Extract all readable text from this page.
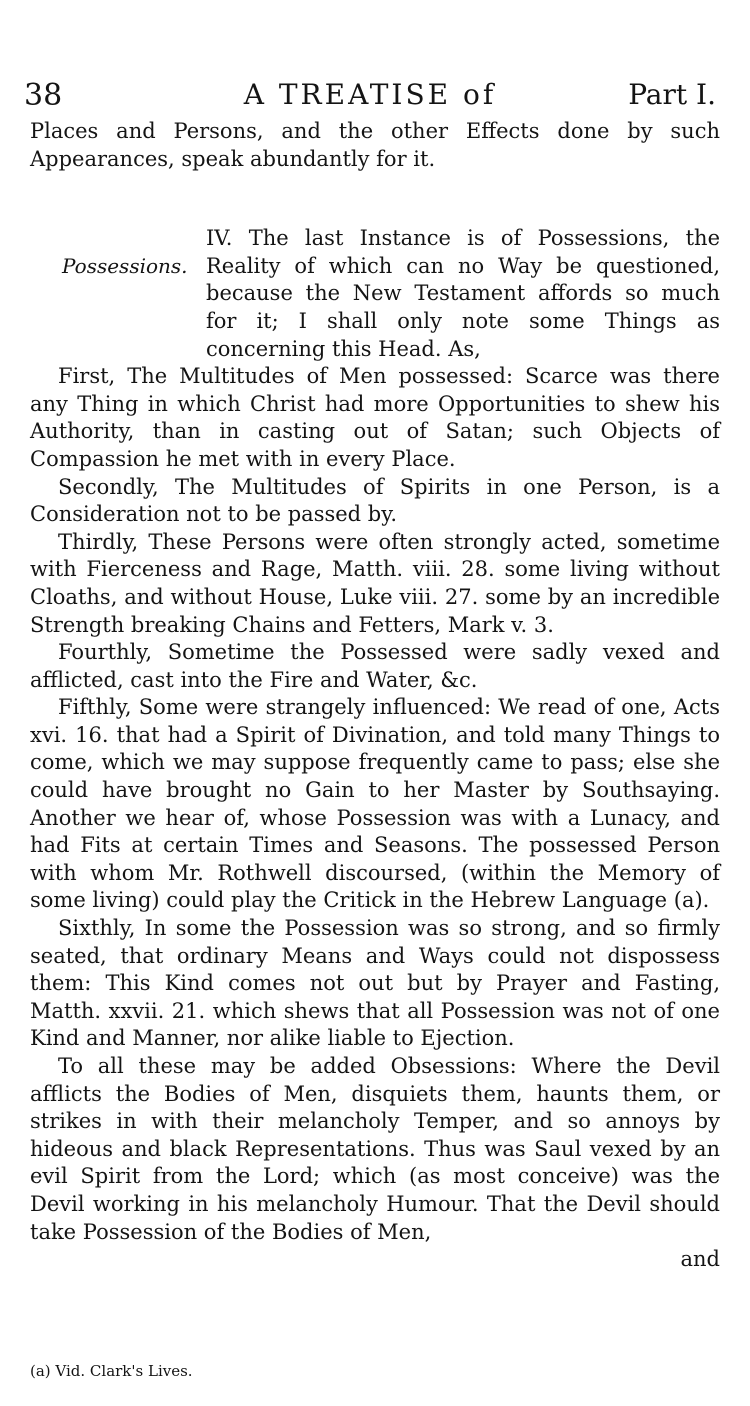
38	A TREATISE of	Part I.

Places and Persons, and the other Effects done by such Appearances, speak abundantly for it.

Possessions.

IV. The last Instance is of Possessions, the Reality of which can no Way be questioned, because the New Testament affords so much for it; I shall only note some Things as concerning this Head. As,

First, The Multitudes of Men possessed: Scarce was there any Thing in which Christ had more Opportunities to shew his Authority, than in casting out of Satan; such Objects of Compassion he met with in every Place.

Secondly, The Multitudes of Spirits in one Person, is a Consideration not to be passed by.

Thirdly, These Persons were often strongly acted, sometime with Fierceness and Rage, Matth. viii. 28. some living without Cloaths, and without House, Luke viii. 27. some by an incredible Strength breaking Chains and Fetters, Mark v. 3.

Fourthly, Sometime the Possessed were sadly vexed and afflicted, cast into the Fire and Water, &c.

Fifthly, Some were strangely influenced: We read of one, Acts xvi. 16. that had a Spirit of Divination, and told many Things to come, which we may suppose frequently came to pass; else she could have brought no Gain to her Master by Southsaying. Another we hear of, whose Possession was with a Lunacy, and had Fits at certain Times and Seasons. The possessed Person with whom Mr. Rothwell discoursed, (within the Memory of some living) could play the Critick in the Hebrew Language (a).

Sixthly, In some the Possession was so strong, and so firmly seated, that ordinary Means and Ways could not dispossess them: This Kind comes not out but by Prayer and Fasting, Matth. xxvii. 21. which shews that all Possession was not of one Kind and Manner, nor alike liable to Ejection.

To all these may be added Obsessions: Where the Devil afflicts the Bodies of Men, disquiets them, haunts them, or strikes in with their melancholy Temper, and so annoys by hideous and black Representations. Thus was Saul vexed by an evil Spirit from the Lord; which (as most conceive) was the Devil working in his melancholy Humour. That the Devil should take Possession of the Bodies of Men,

and
(a) Vid. Clark's Lives.
